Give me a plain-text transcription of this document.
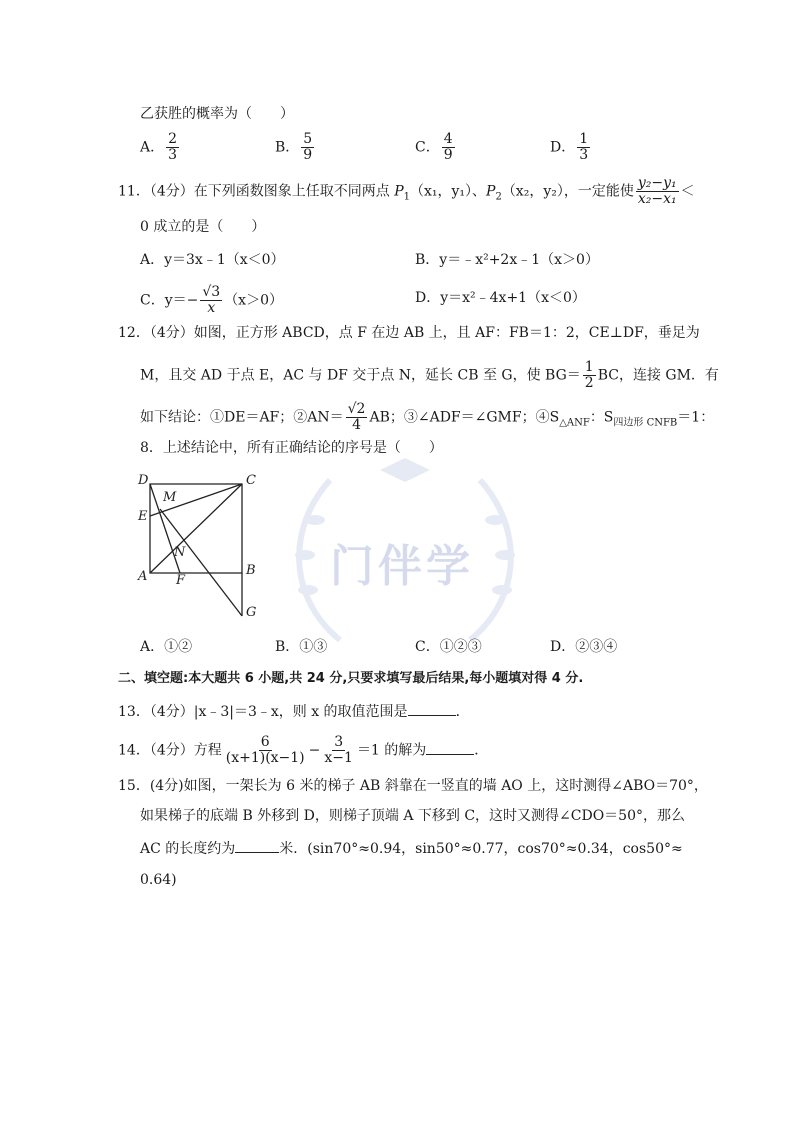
门伴学
乙获胜的概率为（　　）
A． $\frac{2}{3}$	B． $\frac{5}{9}$	C． $\frac{4}{9}$	D． $\frac{1}{3}$
11．（4分）在下列函数图象上任取不同两点 $P_1(x_1$，y₁）、$P_2(x_2$，y₂），一定能使 $\frac{\text{y₂−y₁}}{\text{x₂−x₁}}$ ＜
0 成立的是（　　）
A．y＝3x﹣1（x＜0）	B．y＝﹣x²+2x﹣1（x＞0）
C．$y=- \frac{√3}{x} (x>0)$	D．y＝x²﹣4x+1（x＜0）
12．（4分）如图，正方形 ABCD，点 F 在边 AB 上，且 AF：FB＝1：2，CE⊥DF，垂足为
M，且交 AD 于点 E，AC 与 DF 交于点 N，延长 CB 至 G，使 $BG= \frac{1}{2}$ BC，连接 GM．有
如下结论：①DE＝AF；②AN＝ $\frac{√2}{4}$ AB；③∠ADF＝∠GMF；$④S_{\triangle ANF}$：$S_{四边形 CNFB}=1$：
8．上述结论中，所有正确结论的序号是（　　）
D	C
M
E
N
A F
B
G
A．①②	B．①③	C．①②③	D．②③④
二、填空题:本大题共 6 小题,共 24 分,只要求填写最后结果,每小题填对得 4 分.
13．（4分）|x﹣3|＝3﹣x，则 x 的取值范围是	．
14．（4分）方程 $\frac{6}{(x+1)(x-1)} - \frac{3}{x-1} =1$ 的解为	．
15．(4分)如图，一架长为 6 米的梯子 AB 斜靠在一竖直的墙 AO 上，这时测得∠ABO＝70°，
如果梯子的底端 B 外移到 D，则梯子顶端 A 下移到 C，这时又测得∠CDO＝50°，那么
AC 的长度约为	米．(sin70°≈0.94，sin50°≈0.77，cos70°≈0.34，cos50°≈
0.64)
